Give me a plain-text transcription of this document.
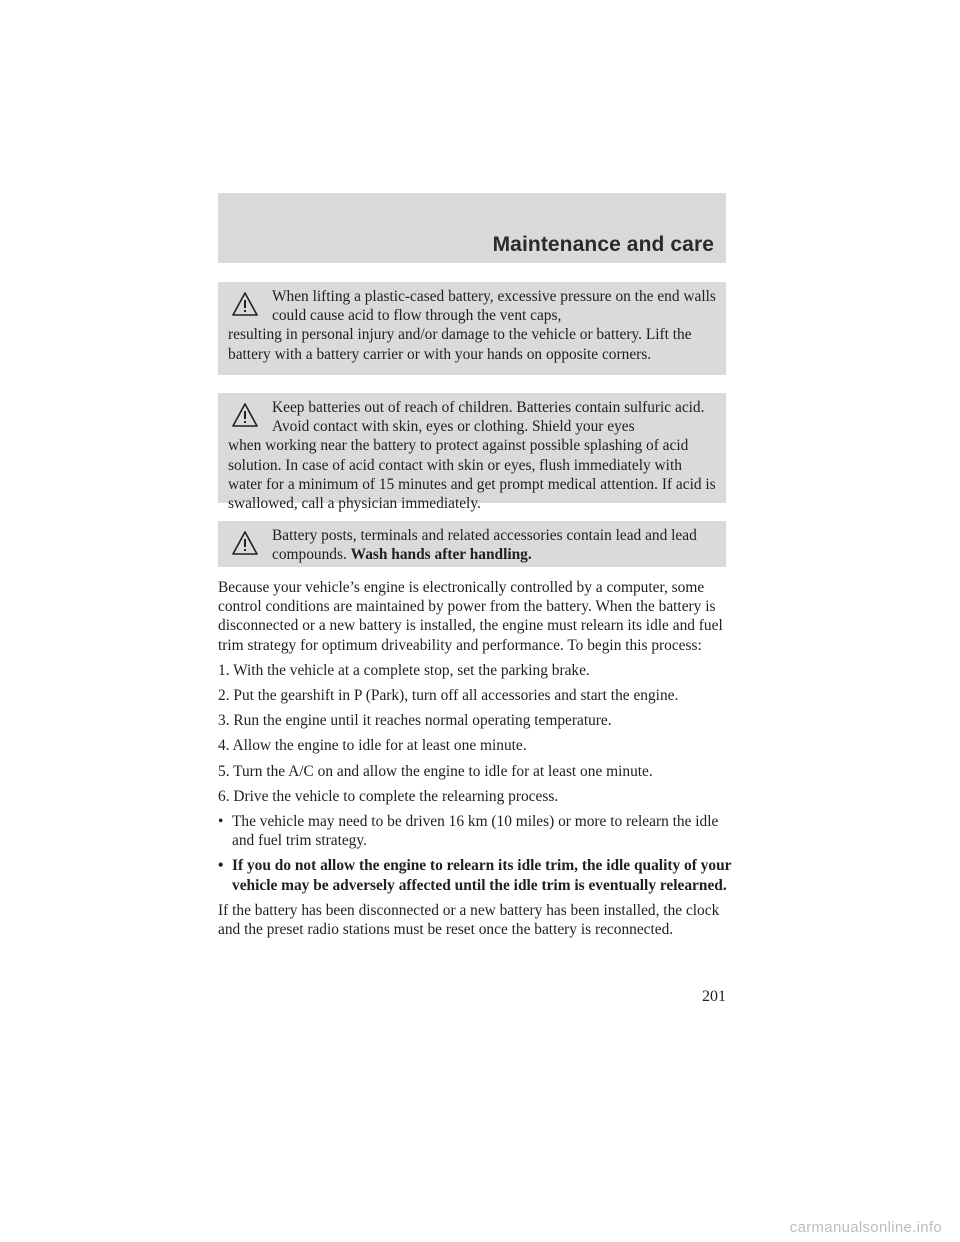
Maintenance and care

When lifting a plastic-cased battery, excessive pressure on the end walls could cause acid to flow through the vent caps,

resulting in personal injury and/or damage to the vehicle or battery. Lift the battery with a battery carrier or with your hands on opposite corners.

Keep batteries out of reach of children. Batteries contain sulfuric acid. Avoid contact with skin, eyes or clothing. Shield your eyes

when working near the battery to protect against possible splashing of acid solution. In case of acid contact with skin or eyes, flush immediately with water for a minimum of 15 minutes and get prompt medical attention. If acid is swallowed, call a physician immediately.

Battery posts, terminals and related accessories contain lead and lead compounds. Wash hands after handling.

Because your vehicle’s engine is electronically controlled by a computer, some control conditions are maintained by power from the battery. When the battery is disconnected or a new battery is installed, the engine must relearn its idle and fuel trim strategy for optimum driveability and performance. To begin this process:

1. With the vehicle at a complete stop, set the parking brake.

2. Put the gearshift in P (Park), turn off all accessories and start the engine.

3. Run the engine until it reaches normal operating temperature.

4. Allow the engine to idle for at least one minute.

5. Turn the A/C on and allow the engine to idle for at least one minute.

6. Drive the vehicle to complete the relearning process.

• The vehicle may need to be driven 16 km (10 miles) or more to relearn the idle and fuel trim strategy.
• If you do not allow the engine to relearn its idle trim, the idle quality of your vehicle may be adversely affected until the idle trim is eventually relearned.

If the battery has been disconnected or a new battery has been installed, the clock and the preset radio stations must be reset once the battery is reconnected.

201
carmanualsonline.info
